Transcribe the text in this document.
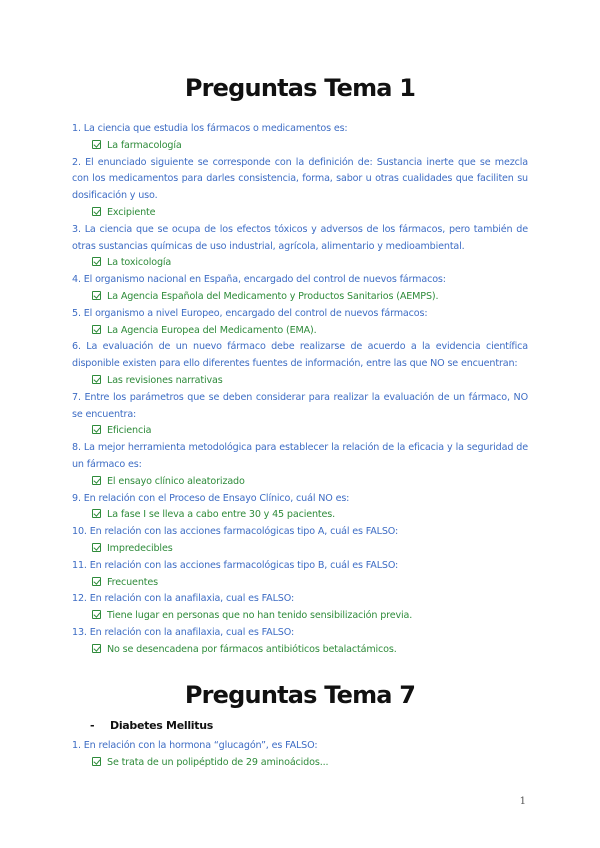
Preguntas Tema 1
1. La ciencia que estudia los fármacos o medicamentos es:
La farmacología
2. El enunciado siguiente se corresponde con la definición de: Sustancia inerte que se mezcla con los medicamentos para darles consistencia, forma, sabor u otras cualidades que faciliten su dosificación y uso.
Excipiente
3. La ciencia que se ocupa de los efectos tóxicos y adversos de los fármacos, pero también de otras sustancias químicas de uso industrial, agrícola, alimentario y medioambiental.
La toxicología
4. El organismo nacional en España, encargado del control de nuevos fármacos:
La Agencia Española del Medicamento y Productos Sanitarios (AEMPS).
5. El organismo a nivel Europeo, encargado del control de nuevos fármacos:
La Agencia Europea del Medicamento (EMA).
6. La evaluación de un nuevo fármaco debe realizarse de acuerdo a la evidencia científica disponible existen para ello diferentes fuentes de información, entre las que NO se encuentran:
Las revisiones narrativas
7. Entre los parámetros que se deben considerar para realizar la evaluación de un fármaco, NO se encuentra:
Eficiencia
8. La mejor herramienta metodológica para establecer la relación de la eficacia y la seguridad de un fármaco es:
El ensayo clínico aleatorizado
9. En relación con el Proceso de Ensayo Clínico, cuál NO es:
La fase I se lleva a cabo entre 30 y 45 pacientes.
10. En relación con las acciones farmacológicas tipo A, cuál es FALSO:
Impredecibles
11. En relación con las acciones farmacológicas tipo B, cuál es FALSO:
Frecuentes
12. En relación con la anafilaxia, cual es FALSO:
Tiene lugar en personas que no han tenido sensibilización previa.
13. En relación con la anafilaxia, cual es FALSO:
No se desencadena por fármacos antibióticos betalactámicos.
Preguntas Tema 7
- Diabetes Mellitus
1. En relación con la hormona “glucagón”, es FALSO:
Se trata de un polipéptido de 29 aminoácidos...
1
